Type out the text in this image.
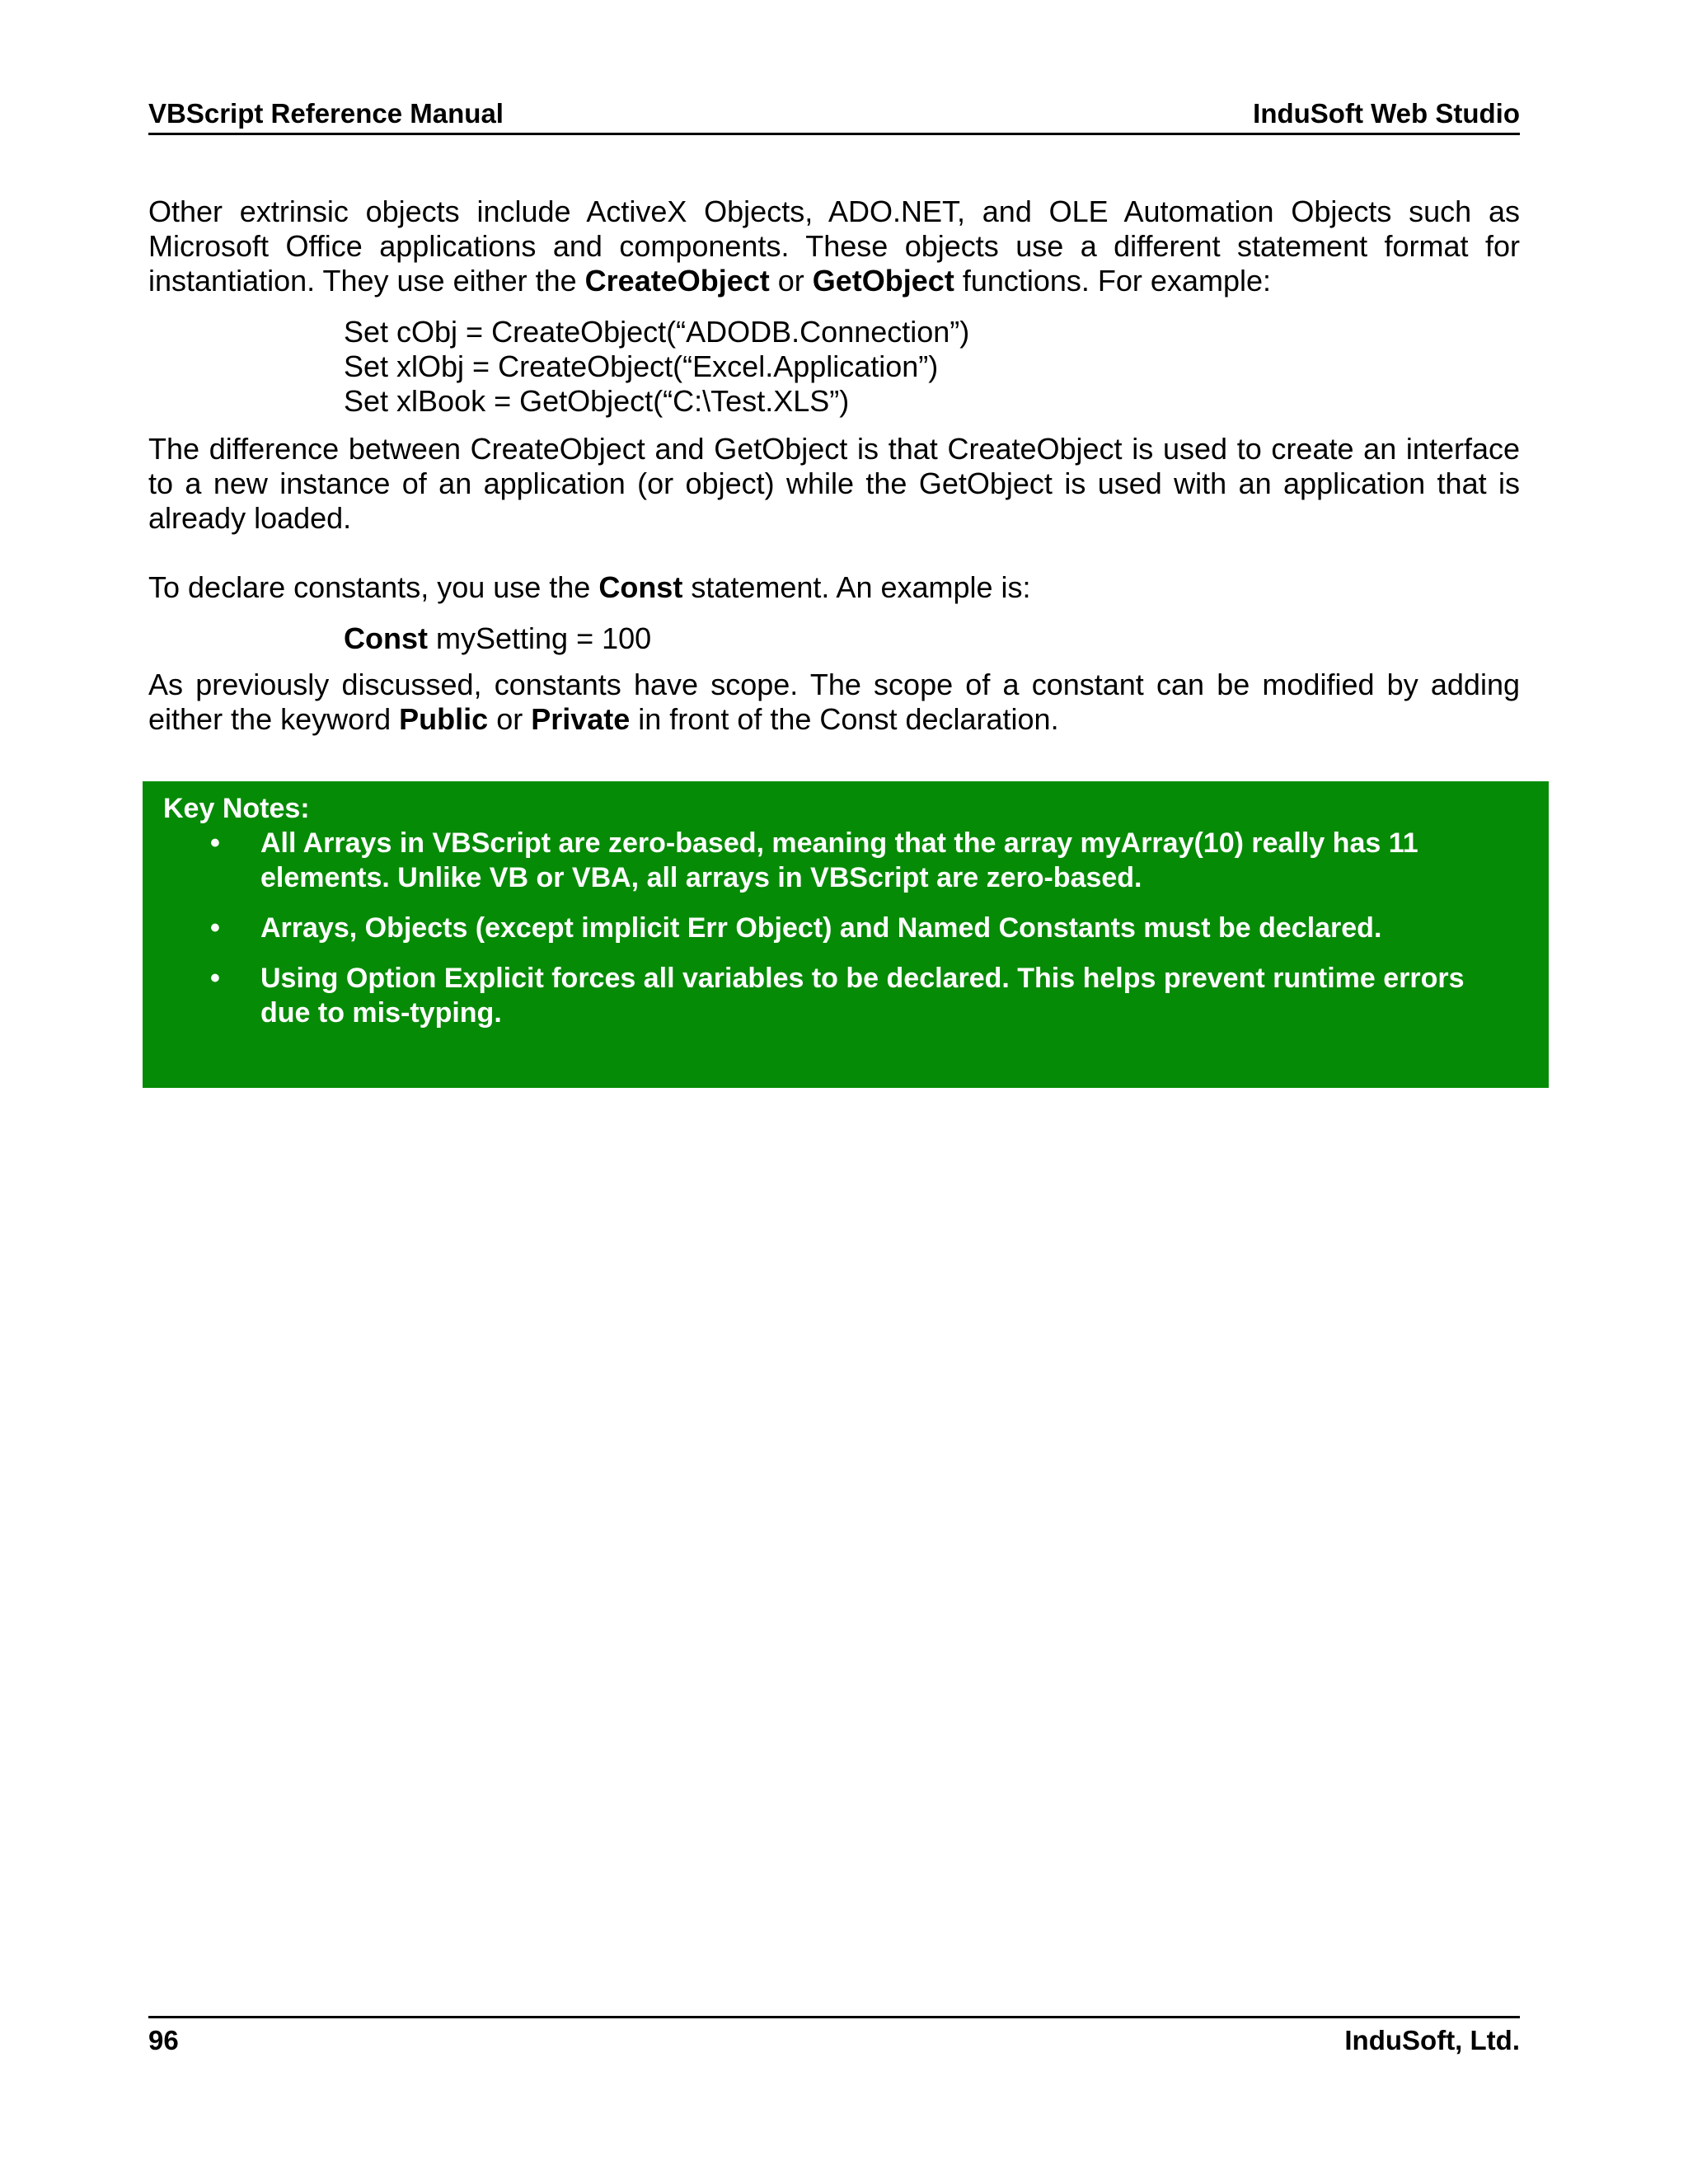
VBScript Reference Manual	InduSoft Web Studio

Other extrinsic objects include ActiveX Objects, ADO.NET, and OLE Automation Objects such as Microsoft Office applications and components. These objects use a different statement format for instantiation. They use either the CreateObject or GetObject functions. For example:

Set cObj = CreateObject(“ADODB.Connection”)
Set xlObj = CreateObject(“Excel.Application”)
Set xlBook = GetObject(“C:\Test.XLS”)

The difference between CreateObject and GetObject is that CreateObject is used to create an interface to a new instance of an application (or object) while the GetObject is used with an application that is already loaded.

To declare constants, you use the Const statement. An example is:

Const mySetting = 100

As previously discussed, constants have scope. The scope of a constant can be modified by adding either the keyword Public or Private in front of the Const declaration.

Key Notes:
• All Arrays in VBScript are zero-based, meaning that the array myArray(10) really has 11 elements. Unlike VB or VBA, all arrays in VBScript are zero-based.
• Arrays, Objects (except implicit Err Object) and Named Constants must be declared.
• Using Option Explicit forces all variables to be declared. This helps prevent runtime errors due to mis-typing.
96	InduSoft, Ltd.
